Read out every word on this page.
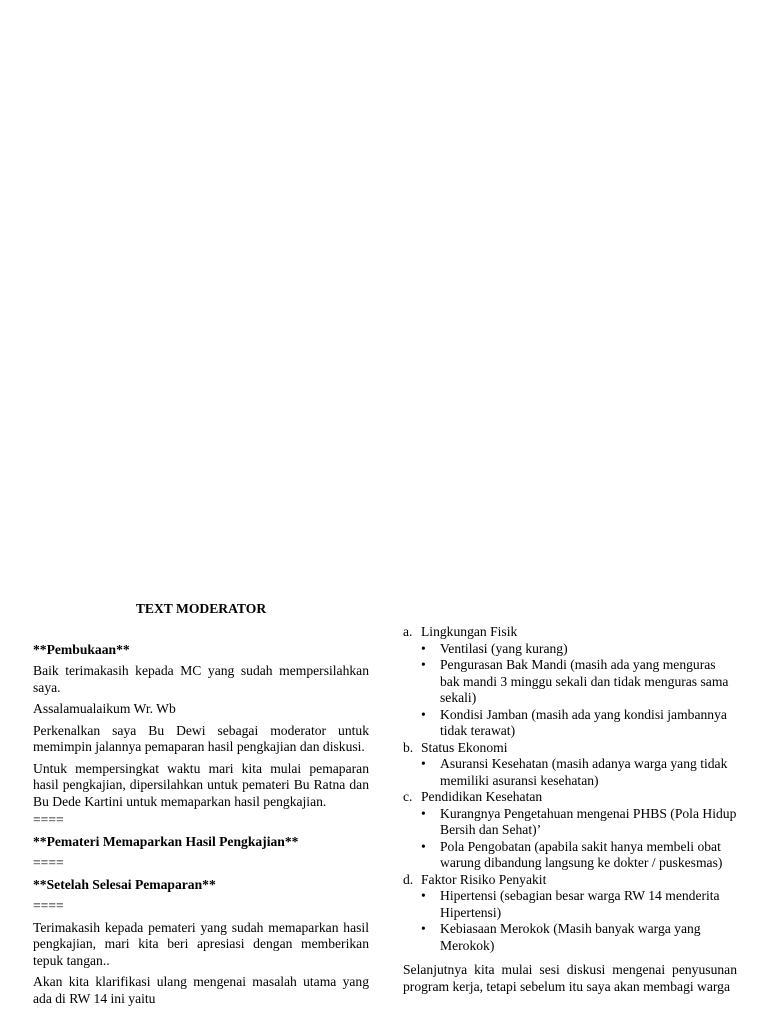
TEXT MODERATOR

**Pembukaan**

Baik terimakasih kepada MC yang sudah mempersilahkan saya.

Assalamualaikum Wr. Wb

Perkenalkan saya Bu Dewi sebagai moderator untuk memimpin jalannya pemaparan hasil pengkajian dan diskusi.

Untuk mempersingkat waktu mari kita mulai pemaparan hasil pengkajian, dipersilahkan untuk pemateri Bu Ratna dan Bu Dede Kartini untuk memaparkan hasil pengkajian.

====

**Pemateri Memaparkan Hasil Pengkajian**

====

**Setelah Selesai Pemaparan**

====

Terimakasih kepada pemateri yang sudah memaparkan hasil pengkajian, mari kita beri apresiasi dengan memberikan tepuk tangan..

Akan kita klarifikasi ulang mengenai masalah utama yang ada di RW 14 ini yaitu

a. Lingkungan Fisik
•	Ventilasi (yang kurang)
•	Pengurasan Bak Mandi (masih ada yang menguras bak mandi 3 minggu sekali dan tidak menguras sama sekali)
•	Kondisi Jamban (masih ada yang kondisi jambannya tidak terawat)
b. Status Ekonomi
•	Asuransi Kesehatan (masih adanya warga yang tidak memiliki asuransi kesehatan)
c. Pendidikan Kesehatan
•	Kurangnya Pengetahuan mengenai PHBS (Pola Hidup Bersih dan Sehat)’
•	Pola Pengobatan (apabila sakit hanya membeli obat warung dibandung langsung ke dokter / puskesmas)
d. Faktor Risiko Penyakit
•	Hipertensi (sebagian besar warga RW 14 menderita Hipertensi)
•	Kebiasaan Merokok (Masih banyak warga yang Merokok)

Selanjutnya kita mulai sesi diskusi mengenai penyusunan program kerja, tetapi sebelum itu saya akan membagi warga
